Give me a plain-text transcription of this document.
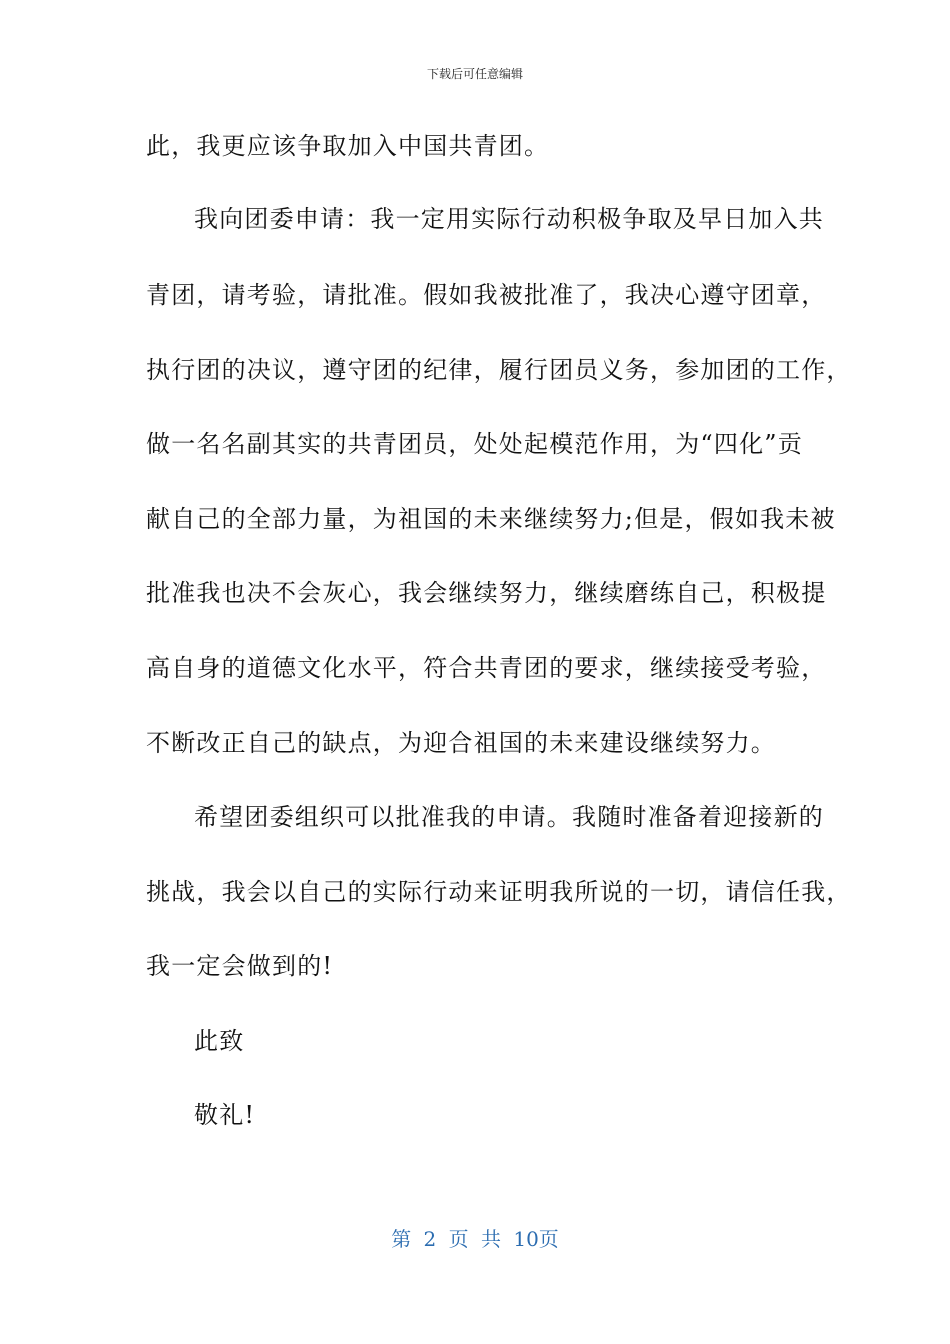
下载后可任意编辑
此，我更应该争取加入中国共青团。
我向团委申请：我一定用实际行动积极争取及早日加入共
青团，请考验，请批准。假如我被批准了，我决心遵守团章，
执行团的决议，遵守团的纪律，履行团员义务，参加团的工作，
做一名名副其实的共青团员，处处起模范作用，为“四化”贡
献自己的全部力量，为祖国的未来继续努力;但是，假如我未被
批准我也决不会灰心，我会继续努力，继续磨练自己，积极提
高自身的道德文化水平，符合共青团的要求，继续接受考验，
不断改正自己的缺点，为迎合祖国的未来建设继续努力。
希望团委组织可以批准我的申请。我随时准备着迎接新的
挑战，我会以自己的实际行动来证明我所说的一切，请信任我，
我一定会做到的!
此致
敬礼!
第 2 页 共 10页
